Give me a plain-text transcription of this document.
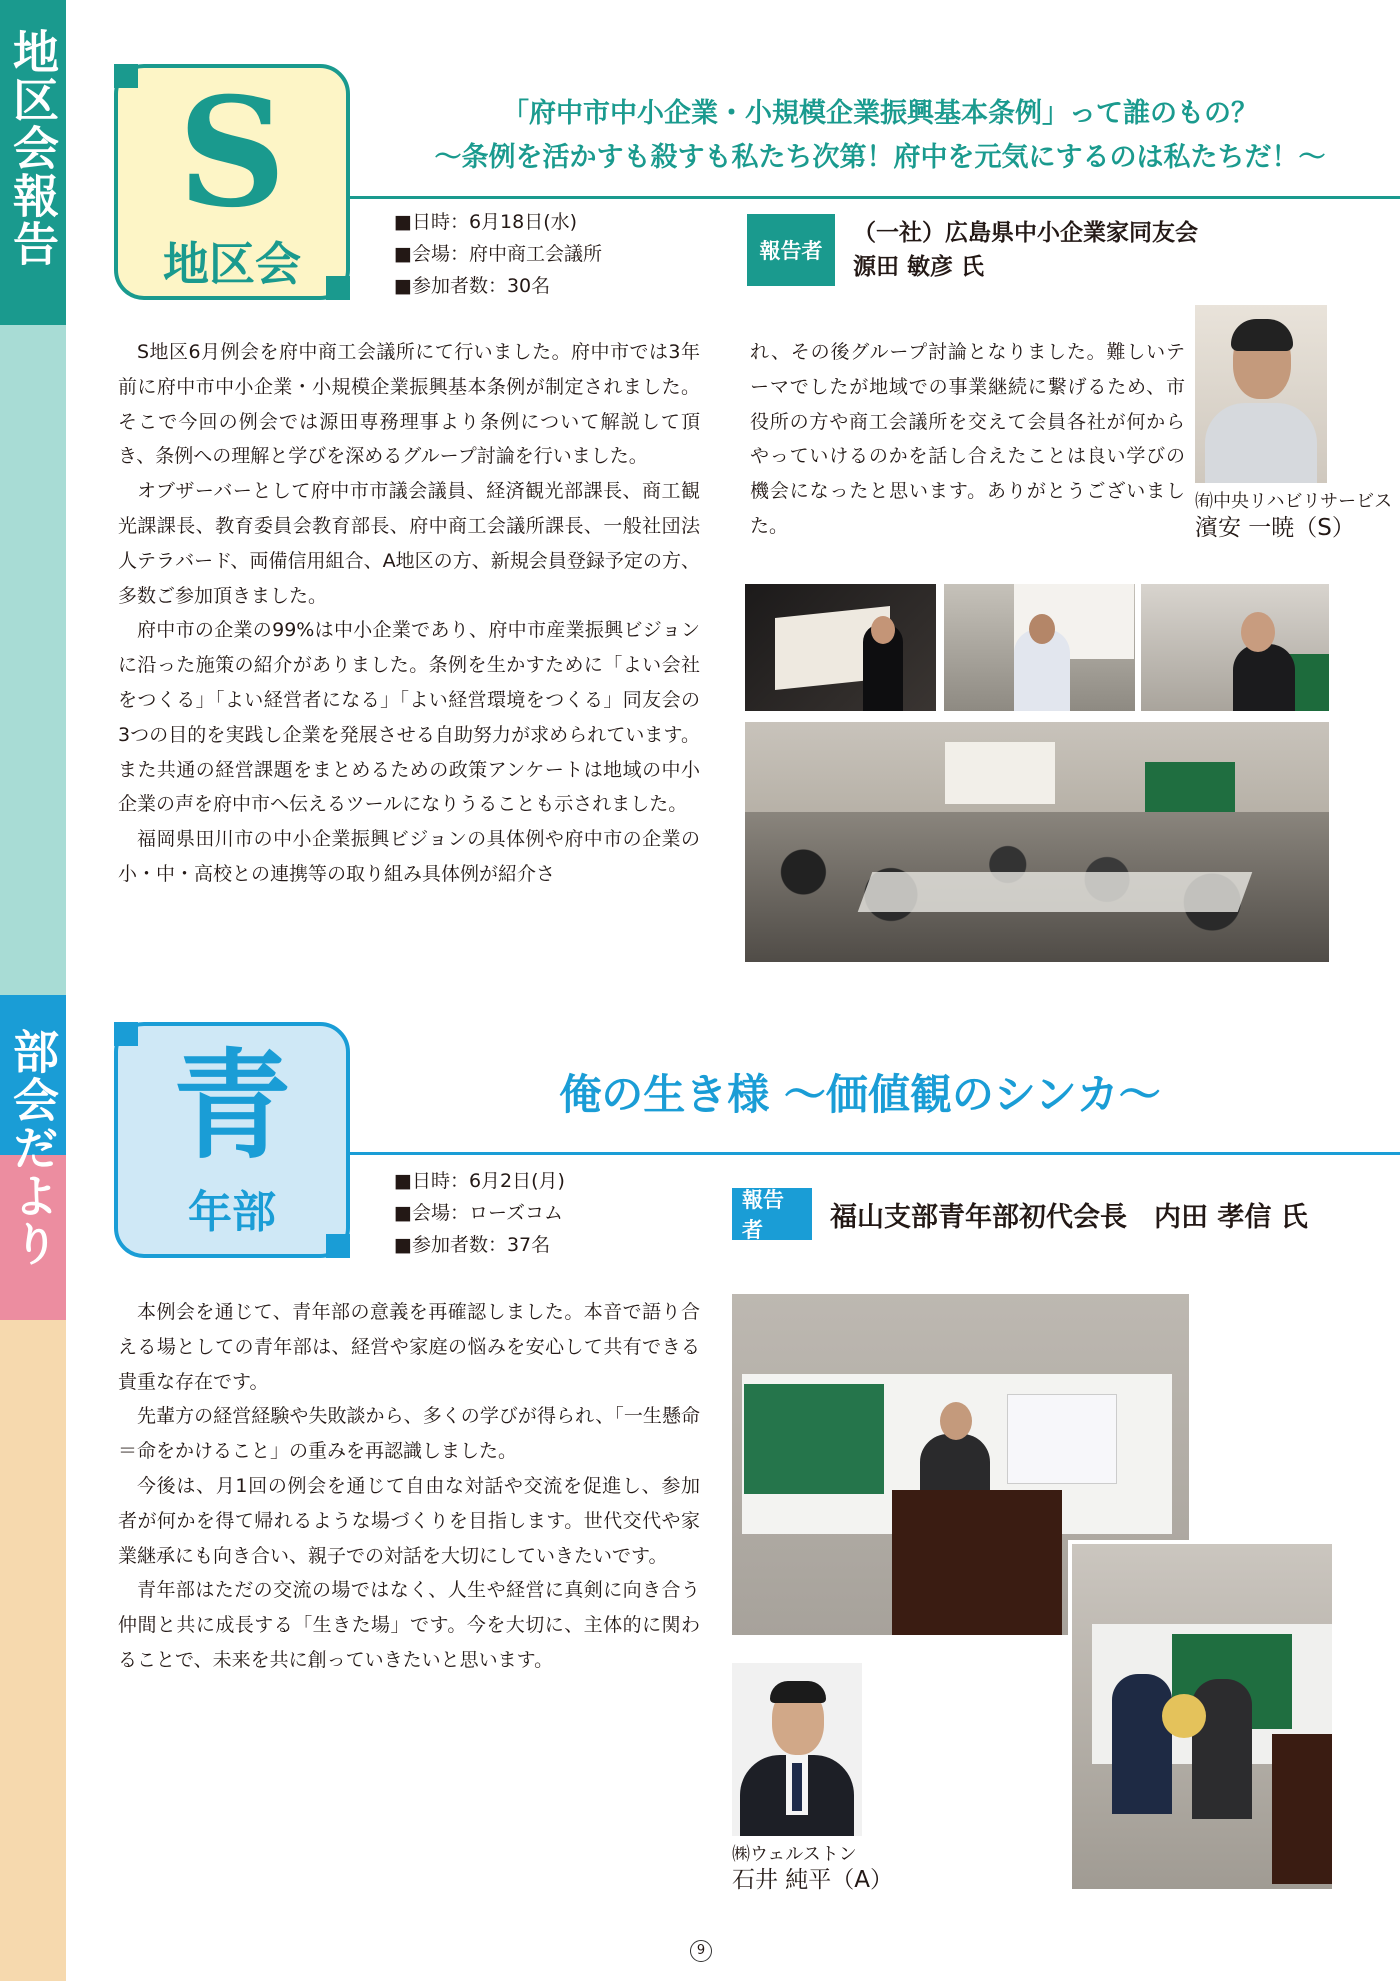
地区会報告
部会だより
S
地区会
「府中市中小企業・小規模企業振興基本条例」って誰のもの？
～条例を活かすも殺すも私たち次第！府中を元気にするのは私たちだ！～
■日時：6月18日(水)
■会場：府中商工会議所
■参加者数：30名
報告者
（一社）広島県中小企業家同友会
源田 敏彦 氏

S地区6月例会を府中商工会議所にて行いました。府中市では3年前に府中市中小企業・小規模企業振興基本条例が制定されました。そこで今回の例会では源田専務理事より条例について解説して頂き、条例への理解と学びを深めるグループ討論を行いました。

オブザーバーとして府中市市議会議員、経済観光部課長、商工観光課課長、教育委員会教育部長、府中商工会議所課長、一般社団法人テラバード、両備信用組合、A地区の方、新規会員登録予定の方、多数ご参加頂きました。

府中市の企業の99%は中小企業であり、府中市産業振興ビジョンに沿った施策の紹介がありました。条例を生かすために「よい会社をつくる」「よい経営者になる」「よい経営環境をつくる」同友会の3つの目的を実践し企業を発展させる自助努力が求められています。また共通の経営課題をまとめるための政策アンケートは地域の中小企業の声を府中市へ伝えるツールになりうることも示されました。

福岡県田川市の中小企業振興ビジョンの具体例や府中市の企業の小・中・高校との連携等の取り組み具体例が紹介さ

れ、その後グループ討論となりました。難しいテーマでしたが地域での事業継続に繋げるため、市役所の方や商工会議所を交えて会員各社が何からやっていけるのかを話し合えたことは良い学びの機会になったと思います。ありがとうございました。
㈲中央リハビリサービス
濱安 一暁（S）
青
年部
俺の生き様 ～価値観のシンカ～
■日時：6月2日(月)
■会場：ローズコム
■参加者数：37名
報告者	福山支部青年部初代会長　内田 孝信 氏

本例会を通じて、青年部の意義を再確認しました。本音で語り合える場としての青年部は、経営や家庭の悩みを安心して共有できる貴重な存在です。

先輩方の経営経験や失敗談から、多くの学びが得られ、「一生懸命＝命をかけること」の重みを再認識しました。

今後は、月1回の例会を通じて自由な対話や交流を促進し、参加者が何かを得て帰れるような場づくりを目指します。世代交代や家業継承にも向き合い、親子での対話を大切にしていきたいです。

青年部はただの交流の場ではなく、人生や経営に真剣に向き合う仲間と共に成長する「生きた場」です。今を大切に、主体的に関わることで、未来を共に創っていきたいと思います。

㈱ウェルストン
石井 純平（A）
9
